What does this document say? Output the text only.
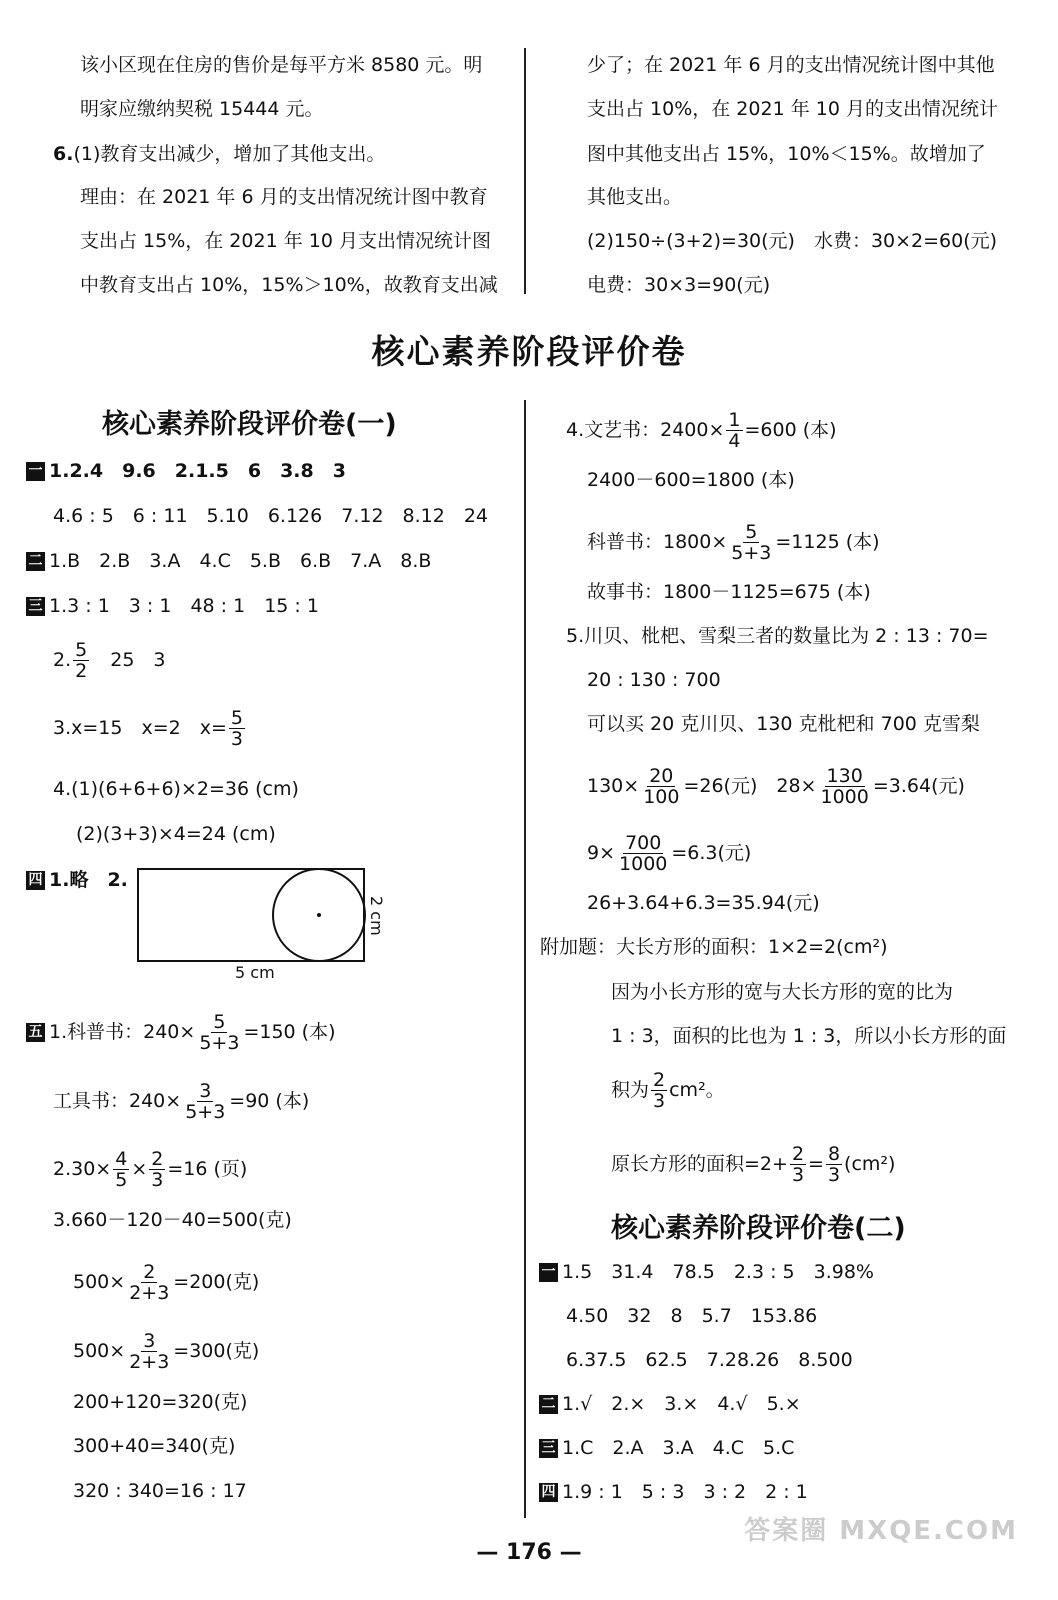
该小区现在住房的售价是每平方米 8580 元。明
明家应缴纳契税 15444 元。
6.(1)教育支出减少，增加了其他支出。
理由：在 2021 年 6 月的支出情况统计图中教育
支出占 15%，在 2021 年 10 月支出情况统计图
中教育支出占 10%，15%＞10%，故教育支出减
少了；在 2021 年 6 月的支出情况统计图中其他
支出占 10%，在 2021 年 10 月的支出情况统计
图中其他支出占 15%，10%＜15%。故增加了
其他支出。
(2)150÷(3+2)=30(元)　水费：30×2=60(元)
电费：30×3=90(元)
核心素养阶段评价卷
核心素养阶段评价卷(一)
一 1.2.4　9.6　2.1.5　6　3.8　3
4.6 : 5　6 : 11　5.10　6.126　7.12　8.12　24
二 1.B　2.B　3.A　4.C　5.B　6.B　7.A　8.B
三 1.3 : 1　3 : 1　48 : 1　15 : 1
2. $\frac{5}{2}$ 　25　3
3.x=15　x=2　$x= \frac{5}{3}$
4.(1)(6+6+6)×2=36 (cm)
(2)(3+3)×4=24 (cm)
四 1.略　2.
5 cm
2 cm
五 1.科普书：$240\times \frac{5}{5+3} =150$ (本)
工具书：$240\times \frac{3}{5+3} =90$ (本)
$2.30\times \frac{4}{5} \times \frac{2}{3} =16$ (页)
3.660－120－40=500(克)
$500\times \frac{2}{2+3} =200$(克)
$500\times \frac{3}{2+3} =300$(克)
200+120=320(克)
300+40=340(克)
320 : 340=16 : 17
4.文艺书：$2400\times \frac{1}{4} =600$ (本)
2400－600=1800 (本)
科普书：$1800\times \frac{5}{5+3} =1125$ (本)
故事书：1800－1125=675 (本)
5.川贝、枇杷、雪梨三者的数量比为 2 : 13 : 70=
20 : 130 : 700
可以买 20 克川贝、130 克枇杷和 700 克雪梨
$130\times \frac{20}{100} =26$(元)　$28\times \frac{130}{1000} =3.64$(元)
$9\times \frac{700}{1000} =6.3$(元)
26+3.64+6.3=35.94(元)
附加题：大长方形的面积：1×2=2(cm²)
因为小长方形的宽与大长方形的宽的比为
1 : 3，面积的比也为 1 : 3，所以小长方形的面
积为 $\frac{2}{3} cm^2$。
原长方形的面积$=2+ \frac{2}{3} = \frac{8}{3} (cm^2)$
核心素养阶段评价卷(二)
一 1.5　31.4　78.5　2.3 : 5　3.98%
4.50　32　8　5.7　153.86
6.37.5　62.5　7.28.26　8.500
二 1.√　2.×　3.×　4.√　5.×
三 1.C　2.A　3.A　4.C　5.C
四 1.9 : 1　5 : 3　3 : 2　2 : 1
— 176 —
答案圈 MXQE.COM
